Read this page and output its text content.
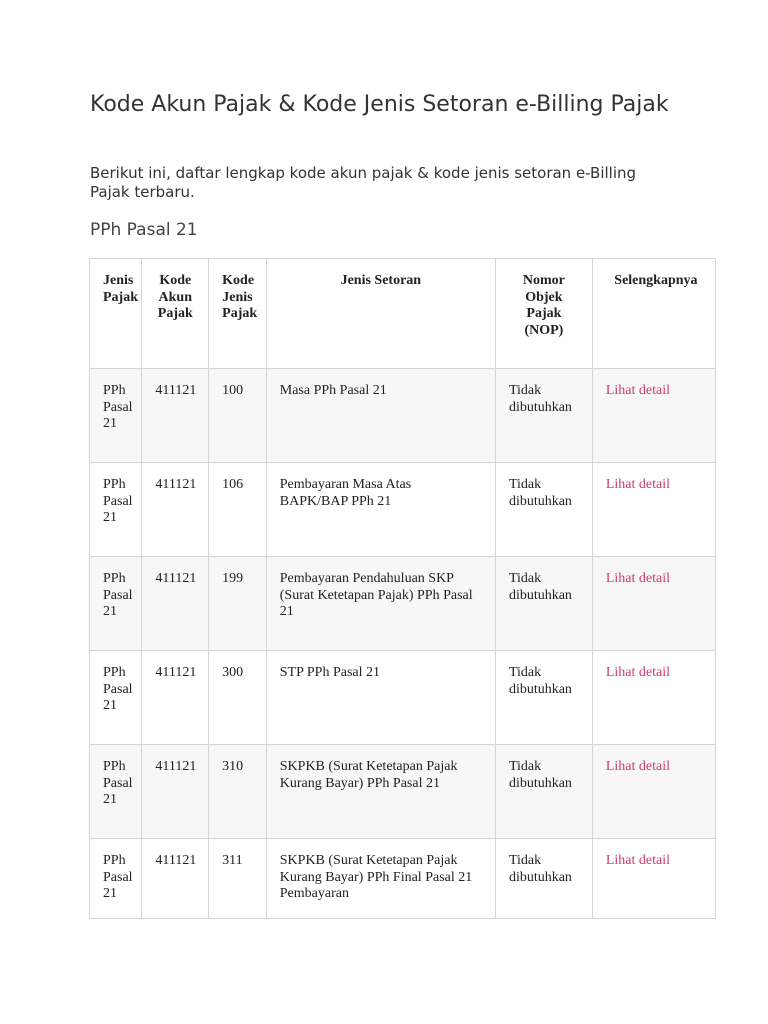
Kode Akun Pajak & Kode Jenis Setoran e-Billing Pajak

Berikut ini, daftar lengkap kode akun pajak & kode jenis setoran e-Billing Pajak terbaru.

PPh Pasal 21
Jenis Pajak	Kode Akun Pajak	Kode Jenis Pajak	Jenis Setoran	Nomor Objek Pajak (NOP)	Selengkapnya
PPh Pasal 21	411121	100	Masa PPh Pasal 21	Tidak dibutuhkan	Lihat detail
PPh Pasal 21	411121	106	Pembayaran Masa Atas BAPK/BAP PPh 21	Tidak dibutuhkan	Lihat detail
PPh Pasal 21	411121	199	Pembayaran Pendahuluan SKP (Surat Ketetapan Pajak) PPh Pasal 21	Tidak dibutuhkan	Lihat detail
PPh Pasal 21	411121	300	STP PPh Pasal 21	Tidak dibutuhkan	Lihat detail
PPh Pasal 21	411121	310	SKPKB (Surat Ketetapan Pajak Kurang Bayar) PPh Pasal 21	Tidak dibutuhkan	Lihat detail
PPh Pasal 21	411121	311	SKPKB (Surat Ketetapan Pajak Kurang Bayar) PPh Final Pasal 21 Pembayaran	Tidak dibutuhkan	Lihat detail
